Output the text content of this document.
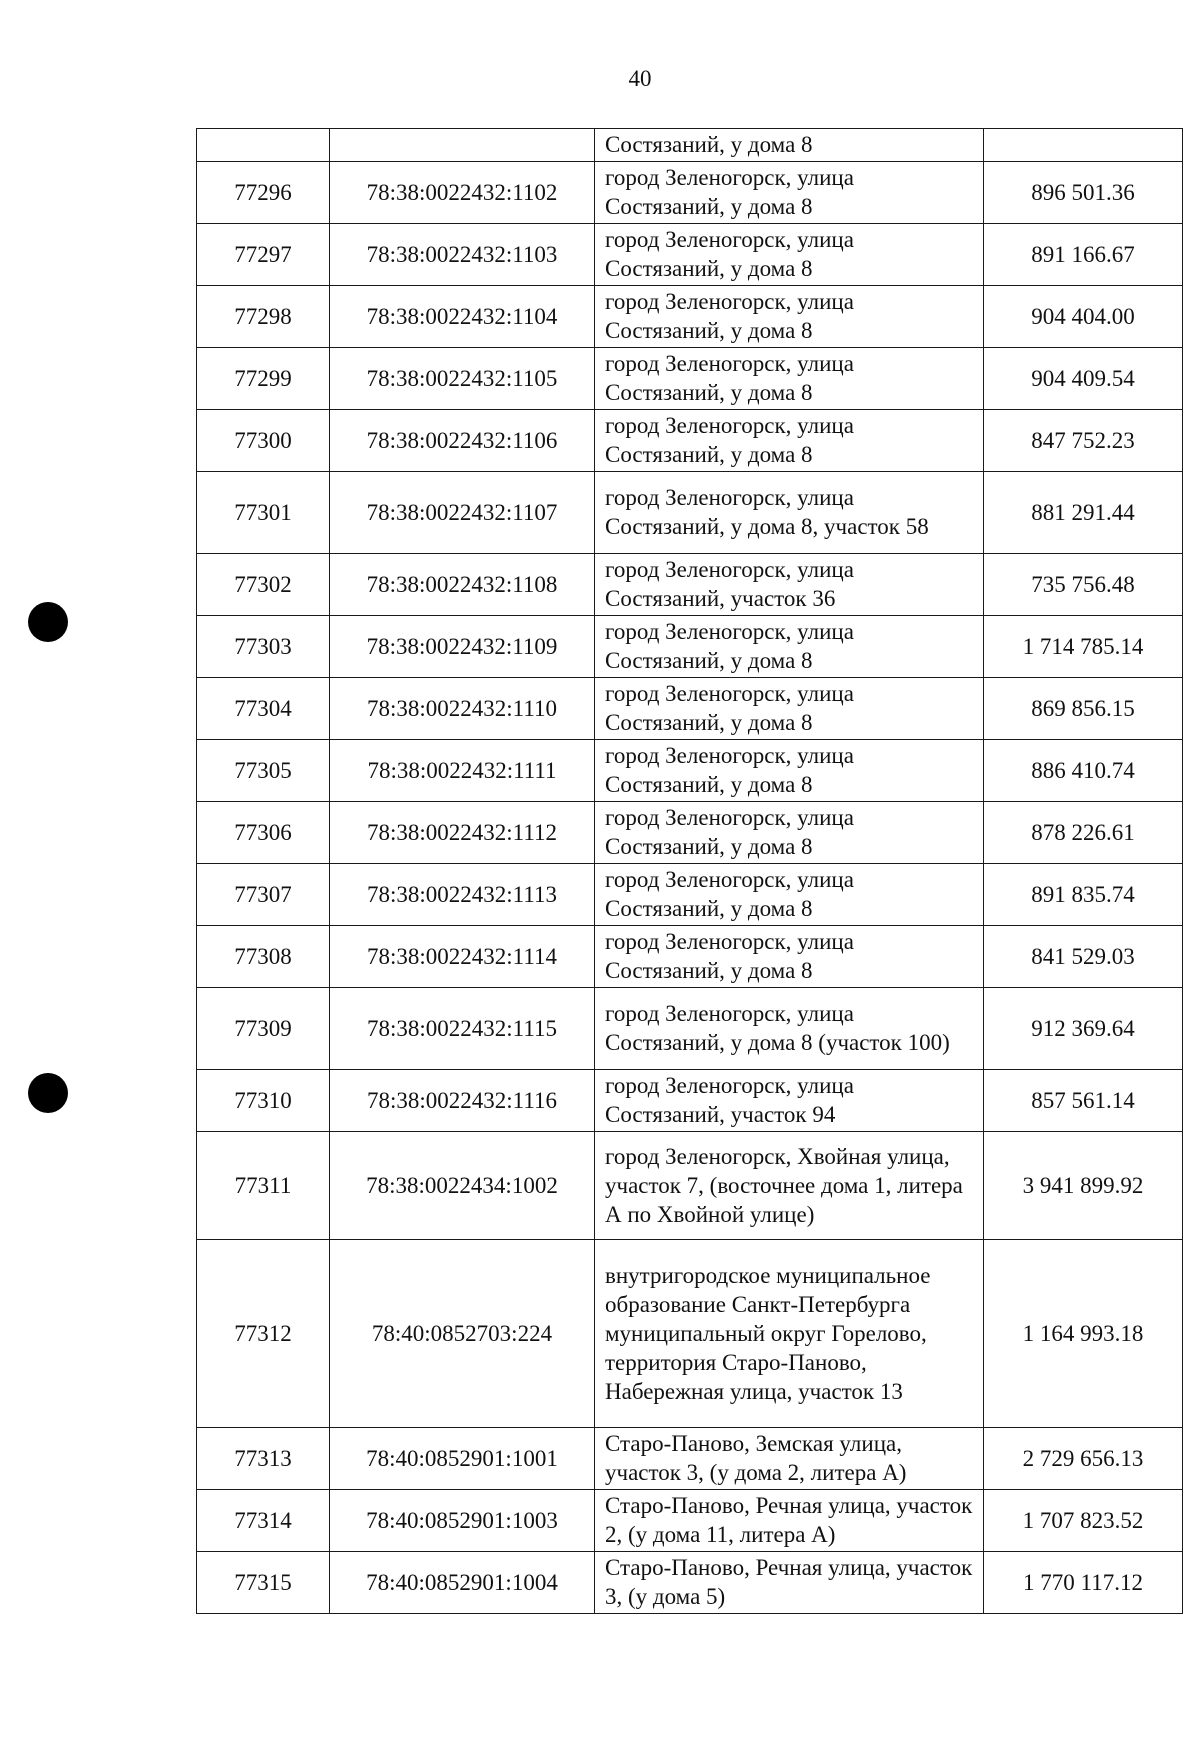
40
		Состязаний, у дома 8	
77296	78:38:0022432:1102	город Зеленогорск, улица Состязаний, у дома 8	896 501.36
77297	78:38:0022432:1103	город Зеленогорск, улица Состязаний, у дома 8	891 166.67
77298	78:38:0022432:1104	город Зеленогорск, улица Состязаний, у дома 8	904 404.00
77299	78:38:0022432:1105	город Зеленогорск, улица Состязаний, у дома 8	904 409.54
77300	78:38:0022432:1106	город Зеленогорск, улица Состязаний, у дома 8	847 752.23
77301	78:38:0022432:1107	город Зеленогорск, улица Состязаний, у дома 8, участок 58	881 291.44
77302	78:38:0022432:1108	город Зеленогорск, улица Состязаний, участок 36	735 756.48
77303	78:38:0022432:1109	город Зеленогорск, улица Состязаний, у дома 8	1 714 785.14
77304	78:38:0022432:1110	город Зеленогорск, улица Состязаний, у дома 8	869 856.15
77305	78:38:0022432:1111	город Зеленогорск, улица Состязаний, у дома 8	886 410.74
77306	78:38:0022432:1112	город Зеленогорск, улица Состязаний, у дома 8	878 226.61
77307	78:38:0022432:1113	город Зеленогорск, улица Состязаний, у дома 8	891 835.74
77308	78:38:0022432:1114	город Зеленогорск, улица Состязаний, у дома 8	841 529.03
77309	78:38:0022432:1115	город Зеленогорск, улица Состязаний, у дома 8 (участок 100)	912 369.64
77310	78:38:0022432:1116	город Зеленогорск, улица Состязаний, участок 94	857 561.14
77311	78:38:0022434:1002	город Зеленогорск, Хвойная улица, участок 7, (восточнее дома 1, литера А по Хвойной улице)	3 941 899.92
77312	78:40:0852703:224	внутригородское муниципальное образование Санкт-Петербурга муниципальный округ Горелово, территория Старо-Паново, Набережная улица, участок 13	1 164 993.18
77313	78:40:0852901:1001	Старо-Паново, Земская улица, участок 3, (у дома 2, литера А)	2 729 656.13
77314	78:40:0852901:1003	Старо-Паново, Речная улица, участок 2, (у дома 11, литера А)	1 707 823.52
77315	78:40:0852901:1004	Старо-Паново, Речная улица, участок 3, (у дома 5)	1 770 117.12
